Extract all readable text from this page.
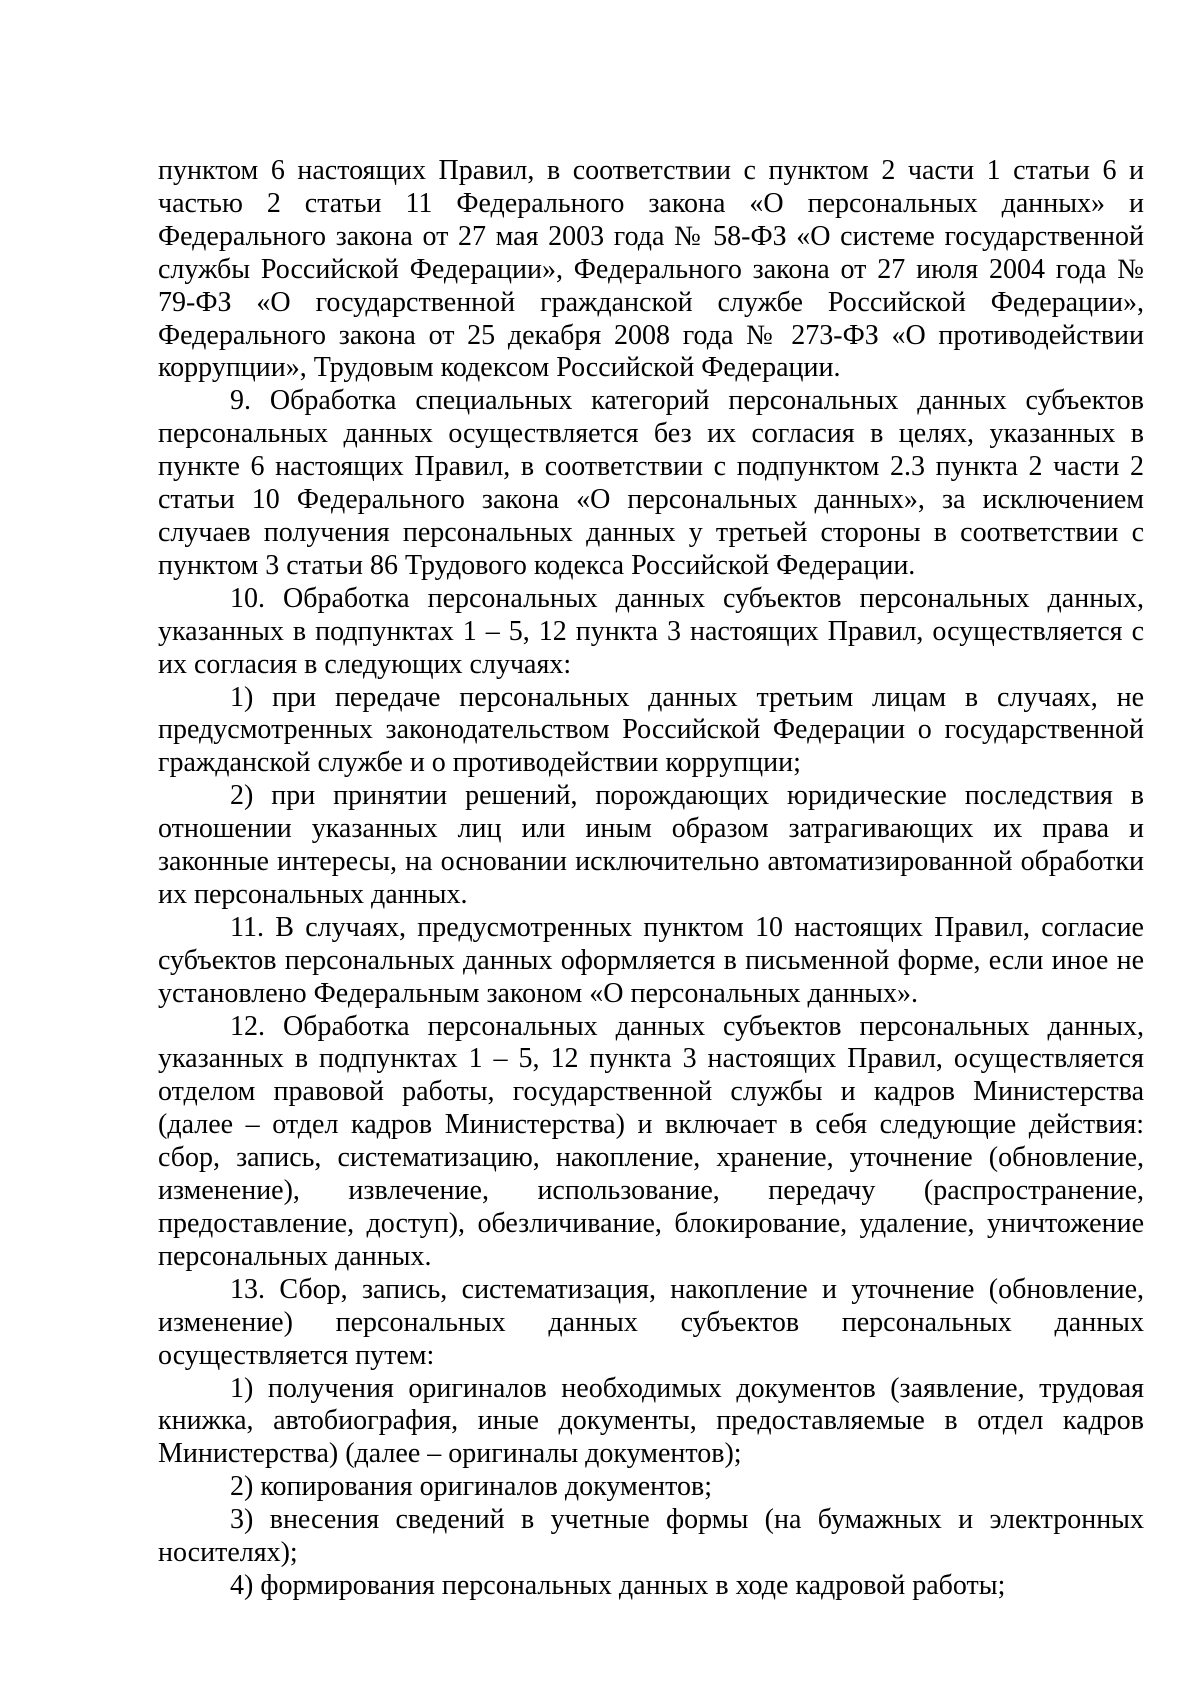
пунктом 6 настоящих Правил, в соответствии с пунктом 2 части 1 статьи 6 и частью 2 статьи 11 Федерального закона «О персональных данных» и Федерального закона от 27 мая 2003 года № 58-ФЗ «О системе государственной службы Российской Федерации», Федерального закона от 27 июля 2004 года № 79-ФЗ «О государственной гражданской службе Российской Федерации», Федерального закона от 25 декабря 2008 года № 273-ФЗ «О противодействии коррупции», Трудовым кодексом Российской Федерации.

9. Обработка специальных категорий персональных данных субъектов персональных данных осуществляется без их согласия в целях, указанных в пункте 6 настоящих Правил, в соответствии с подпунктом 2.3 пункта 2 части 2 статьи 10 Федерального закона «О персональных данных», за исключением случаев получения персональных данных у третьей стороны в соответствии с пунктом 3 статьи 86 Трудового кодекса Российской Федерации.

10. Обработка персональных данных субъектов персональных данных, указанных в подпунктах 1 – 5, 12 пункта 3 настоящих Правил, осуществляется с их согласия в следующих случаях:

1) при передаче персональных данных третьим лицам в случаях, не предусмотренных законодательством Российской Федерации о государственной гражданской службе и о противодействии коррупции;

2) при принятии решений, порождающих юридические последствия в отношении указанных лиц или иным образом затрагивающих их права и законные интересы, на основании исключительно автоматизированной обработки их персональных данных.

11. В случаях, предусмотренных пунктом 10 настоящих Правил, согласие субъектов персональных данных оформляется в письменной форме, если иное не установлено Федеральным законом «О персональных данных».

12. Обработка персональных данных субъектов персональных данных, указанных в подпунктах 1 – 5, 12 пункта 3 настоящих Правил, осуществляется отделом правовой работы, государственной службы и кадров Министерства (далее – отдел кадров Министерства) и включает в себя следующие действия: сбор, запись, систематизацию, накопление, хранение, уточнение (обновление, изменение), извлечение, использование, передачу (распространение, предоставление, доступ), обезличивание, блокирование, удаление, уничтожение персональных данных.

13. Сбор, запись, систематизация, накопление и уточнение (обновление, изменение) персональных данных субъектов персональных данных осуществляется путем:

1) получения оригиналов необходимых документов (заявление, трудовая книжка, автобиография, иные документы, предоставляемые в отдел кадров Министерства) (далее – оригиналы документов);

2) копирования оригиналов документов;

3) внесения сведений в учетные формы (на бумажных и электронных носителях);

4) формирования персональных данных в ходе кадровой работы;
